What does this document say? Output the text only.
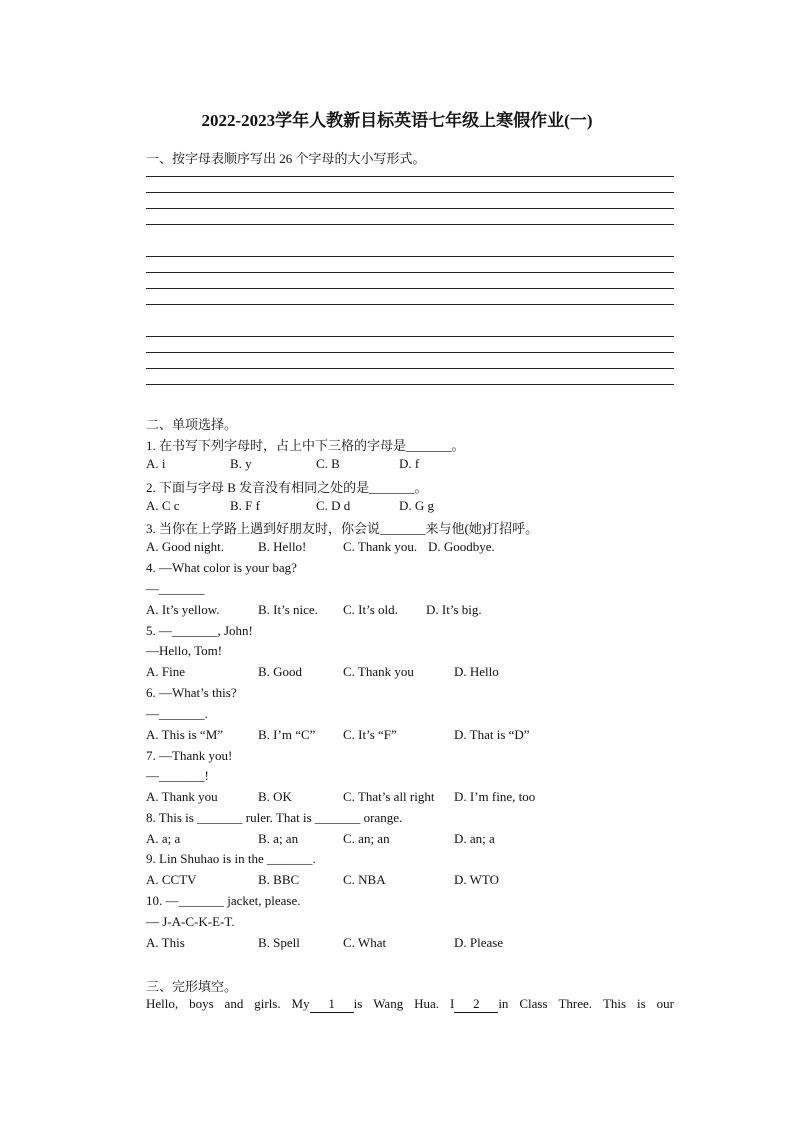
2022-2023学年人教新目标英语七年级上寒假作业(一)
一、按字母表顺序写出 26 个字母的大小写形式。
二、单项选择。
1. 在书写下列字母时，占上中下三格的字母是_______。
A. i	B. y	C. B	D. f
2. 下面与字母 B 发音没有相同之处的是_______。
A. C c	B. F f	C. D d	D. G g
3. 当你在上学路上遇到好朋友时，你会说_______来与他(她)打招呼。
A. Good night.	B. Hello!	C. Thank you. D. Goodbye.
4. —What color is your bag?
—_______
A. It’s yellow.	B. It’s nice. C. It’s old. D. It’s big.
5. —_______, John!
—Hello, Tom!
A. Fine	B. Good	C. Thank you	D. Hello
6. —What’s this?
—_______.
A. This is “M”	B. I’m “C” C. It’s “F”	D. That is “D”
7. —Thank you!
—_______!
A. Thank you	B. OK	C. That’s all right D. I’m fine, too
8. This is _______ ruler. That is _______ orange.
A. a; a	B. a; an	C. an; an	D. an; a
9. Lin Shuhao is in the _______.
A. CCTV	B. BBC	C. NBA	D. WTO
10. —_______ jacket, please.
— J-A-C-K-E-T.
A. This	B. Spell	C. What	D. Please
三、完形填空。
Hello, boys and girls. My 1 is Wang Hua. I 2 in Class Three. This is our
